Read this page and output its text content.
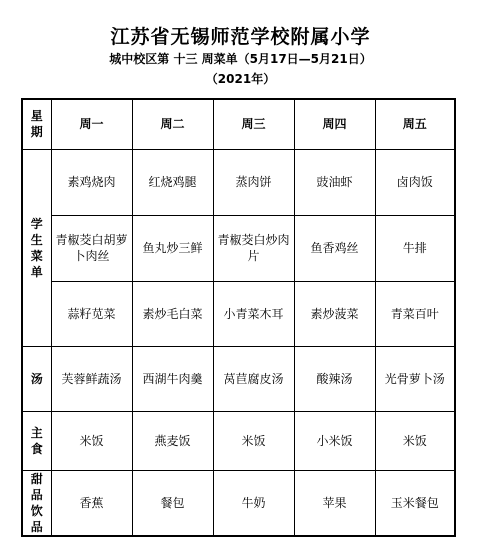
江苏省无锡师范学校附属小学
城中校区第 十三 周菜单（5月17日—5月21日）
（2021年）
星期	周一	周二	周三	周四	周五
学生菜单	素鸡烧肉	红烧鸡腿	蒸肉饼	豉油虾	卤肉饭
	青椒茭白胡萝卜肉丝	鱼丸炒三鲜	青椒茭白炒肉片	鱼香鸡丝	牛排
	蒜籽苋菜	素炒毛白菜	小青菜木耳	素炒菠菜	青菜百叶
汤	芙蓉鲜蔬汤	西湖牛肉羹	莴苣腐皮汤	酸辣汤	光骨萝卜汤
主食	米饭	燕麦饭	米饭	小米饭	米饭
甜品饮品	香蕉	餐包	牛奶	苹果	玉米餐包
